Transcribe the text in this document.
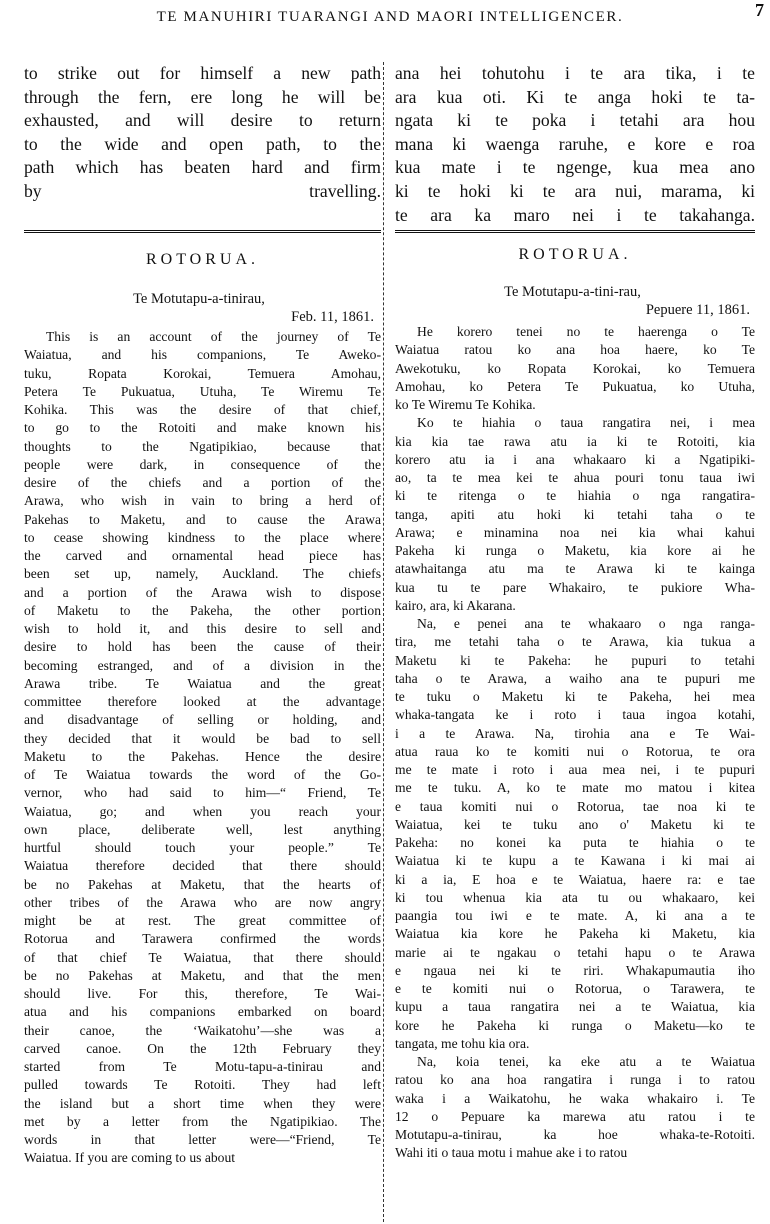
TE MANUHIRI TUARANGI AND MAORI INTELLIGENCER.	7
to strike out for himself a new path
through the fern, ere long he will be
exhausted, and will desire to return
to the wide and open path, to the
path which has beaten hard and firm
by travelling.
ana hei tohutohu i te ara tika, i te
ara kua oti. Ki te anga hoki te ta-
ngata ki te poka i tetahi ara hou
mana ki waenga raruhe, e kore e roa
kua mate i te ngenge, kua mea ano
ki te hoki ki te ara nui, marama, ki
te ara ka maro nei i te takahanga.
ROTORUA.	ROTORUA.
Te Motutapu-a-tinirau,
Feb. 11, 1861.
Te Motutapu-a-tini-rau,
Pepuere 11, 1861.
This is an account of the journey of Te
Waiatua, and his companions, Te Aweko-
tuku, Ropata Korokai, Temuera Amohau,
Petera Te Pukuatua, Utuha, Te Wiremu Te
Kohika. This was the desire of that chief,
to go to the Rotoiti and make known his
thoughts to the Ngatipikiao, because that
people were dark, in consequence of the
desire of the chiefs and a portion of the
Arawa, who wish in vain to bring a herd of
Pakehas to Maketu, and to cause the Arawa
to cease showing kindness to the place where
the carved and ornamental head piece has
been set up, namely, Auckland. The chiefs
and a portion of the Arawa wish to dispose
of Maketu to the Pakeha, the other portion
wish to hold it, and this desire to sell and
desire to hold has been the cause of their
becoming estranged, and of a division in the
Arawa tribe. Te Waiatua and the great
committee therefore looked at the advantage
and disadvantage of selling or holding, and
they decided that it would be bad to sell
Maketu to the Pakehas. Hence the desire
of Te Waiatua towards the word of the Go-
vernor, who had said to him—“ Friend, Te
Waiatua, go; and when you reach your
own place, deliberate well, lest anything
hurtful should touch your people.” Te
Waiatua therefore decided that there should
be no Pakehas at Maketu, that the hearts of
other tribes of the Arawa who are now angry
might be at rest. The great committee of
Rotorua and Tarawera confirmed the words
of that chief Te Waiatua, that there should
be no Pakehas at Maketu, and that the men
should live. For this, therefore, Te Wai-
atua and his companions embarked on board
their canoe, the ‘Waikatohu’—she was a
carved canoe. On the 12th February they
started from Te Motu-tapu-a-tinirau and
pulled towards Te Rotoiti. They had left
the island but a short time when they were
met by a letter from the Ngatipikiao. The
words in that letter were—“Friend, Te
Waiatua. If you are coming to us about
He korero tenei no te haerenga o Te
Waiatua ratou ko ana hoa haere, ko Te
Awekotuku, ko Ropata Korokai, ko Temuera
Amohau, ko Petera Te Pukuatua, ko Utuha,
ko Te Wiremu Te Kohika.
Ko te hiahia o taua rangatira nei, i mea
kia kia tae rawa atu ia ki te Rotoiti, kia
korero atu ia i ana whakaaro ki a Ngatipiki-
ao, ta te mea kei te ahua pouri tonu taua iwi
ki te ritenga o te hiahia o nga rangatira-
tanga, apiti atu hoki ki tetahi taha o te
Arawa; e minamina noa nei kia whai kahui
Pakeha ki runga o Maketu, kia kore ai he
atawhaitanga atu ma te Arawa ki te kainga
kua tu te pare Whakairo, te pukiore Wha-
kairo, ara, ki Akarana.
Na, e penei ana te whakaaro o nga ranga-
tira, me tetahi taha o te Arawa, kia tukua a
Maketu ki te Pakeha: he pupuri to tetahi
taha o te Arawa, a waiho ana te pupuri me
te tuku o Maketu ki te Pakeha, hei mea
whaka-tangata ke i roto i taua ingoa kotahi,
i a te Arawa. Na, tirohia ana e Te Wai-
atua raua ko te komiti nui o Rotorua, te ora
me te mate i roto i aua mea nei, i te pupuri
me te tuku. A, ko te mate mo matou i kitea
e taua komiti nui o Rotorua, tae noa ki te
Waiatua, kei te tuku ano o' Maketu ki te
Pakeha: no konei ka puta te hiahia o te
Waiatua ki te kupu a te Kawana i ki mai ai
ki a ia, E hoa e te Waiatua, haere ra: e tae
ki tou whenua kia ata tu ou whakaaro, kei
paangia tou iwi e te mate. A, ki ana a te
Waiatua kia kore he Pakeha ki Maketu, kia
marie ai te ngakau o tetahi hapu o te Arawa
e ngaua nei ki te riri. Whakapumautia iho
e te komiti nui o Rotorua, o Tarawera, te
kupu a taua rangatira nei a te Waiatua, kia
kore he Pakeha ki runga o Maketu—ko te
tangata, me tohu kia ora.
Na, koia tenei, ka eke atu a te Waiatua
ratou ko ana hoa rangatira i runga i to ratou
waka i a Waikatohu, he waka whakairo i. Te
12 o Pepuare ka marewa atu ratou i te
Motutapu-a-tinirau, ka hoe whaka-te-Rotoiti.
Wahi iti o taua motu i mahue ake i to ratou
